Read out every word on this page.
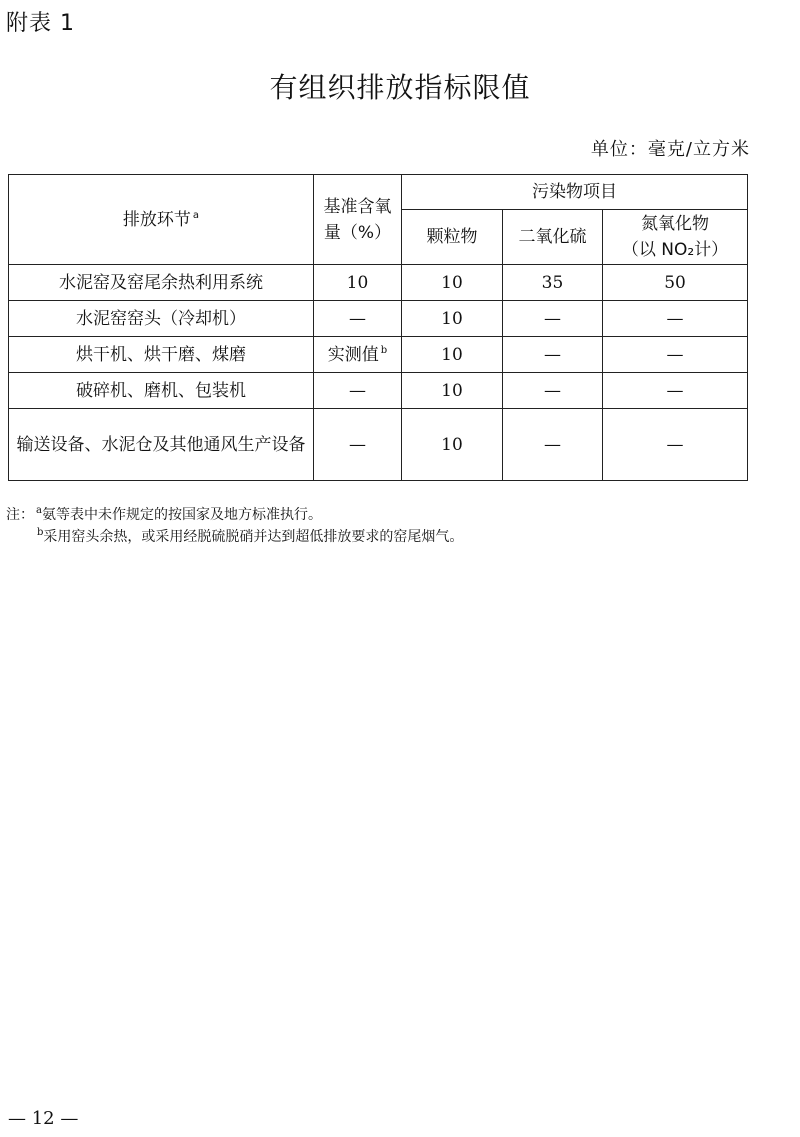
附表 1
有组织排放指标限值
单位：毫克/立方米
排放环节 $^a$	基准含氧量（%）	污染物项目		
		颗粒物	二氧化硫	氮氧化物
（以 NO₂计）

水泥窑及窑尾余热利用系统	10	10	35	50
水泥窑窑头（冷却机）	—	10	—	—
烘干机、烘干磨、煤磨	实测值 $^b$	10	—	—
破碎机、磨机、包装机	—	10	—	—
输送设备、水泥仓及其他通风生产设备	—	10	—	—
注： $^a$氨等表中未作规定的按国家及地方标准执行。
$^b$采用窑头余热，或采用经脱硫脱硝并达到超低排放要求的窑尾烟气。
— 12 —
